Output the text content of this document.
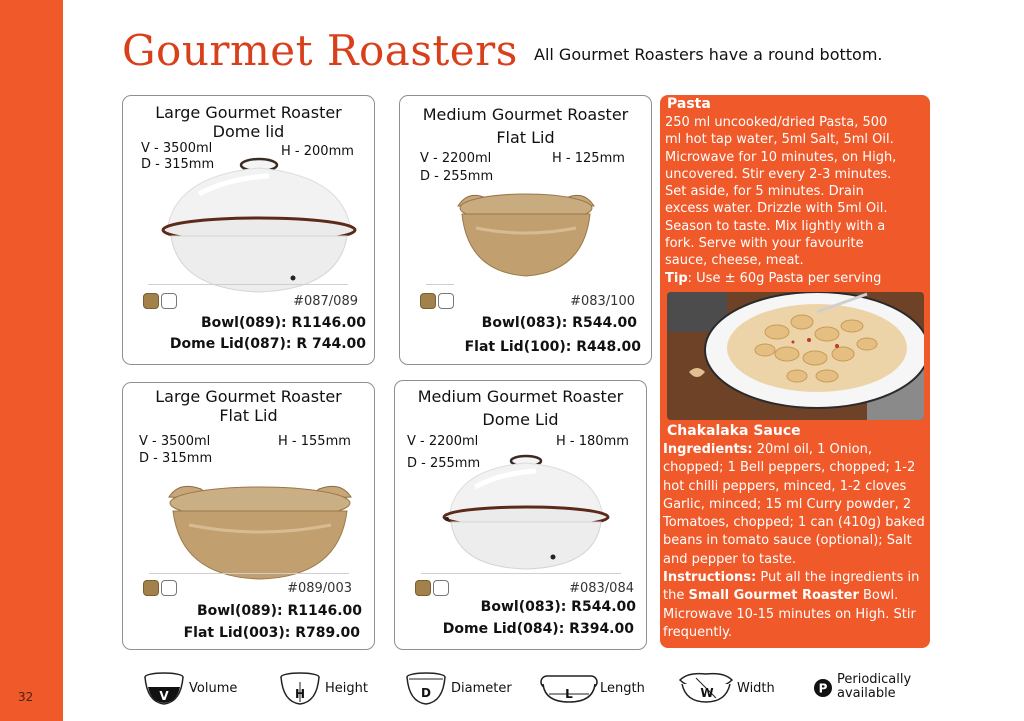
32
Gourmet Roasters All Gourmet Roasters have a round bottom.
Large Gourmet Roaster
Dome lid
V - 3500ml
D - 315mm
H - 200mm
#087/089
Bowl(089): R1146.00
Dome Lid(087): R 744.00
Medium Gourmet Roaster
Flat Lid
V - 2200ml
D - 255mm
H - 125mm
#083/100
Bowl(083): R544.00
Flat Lid(100): R448.00
Large Gourmet Roaster
Flat Lid
V - 3500ml
D - 315mm
H - 155mm
#089/003
Bowl(089): R1146.00
Flat Lid(003): R789.00
Medium Gourmet Roaster
Dome Lid
V - 2200ml
D - 255mm
H - 180mm
#083/084
Bowl(083): R544.00
Dome Lid(084): R394.00
Pasta
250 ml uncooked/dried Pasta, 500
ml hot tap water, 5ml Salt, 5ml Oil.
Microwave for 10 minutes, on High,
uncovered. Stir every 2-3 minutes.
Set aside, for 5 minutes. Drain
excess water. Drizzle with 5ml Oil.
Season to taste. Mix lightly with a
fork. Serve with your favourite
sauce, cheese, meat.
Tip: Use ± 60g Pasta per serving
Chakalaka Sauce
Ingredients: 20ml oil, 1 Onion,
chopped; 1 Bell peppers, chopped; 1-2
hot chilli peppers, minced, 1-2 cloves
Garlic, minced; 15 ml Curry powder, 2
Tomatoes, chopped; 1 can (410g) baked
beans in tomato sauce (optional); Salt
and pepper to taste.
Instructions: Put all the ingredients in
the Small Gourmet Roaster Bowl.
Microwave 10-15 minutes on High. Stir
frequently.
V Volume	H Height	D Diameter	L Length	W Width	P
Periodically
available
